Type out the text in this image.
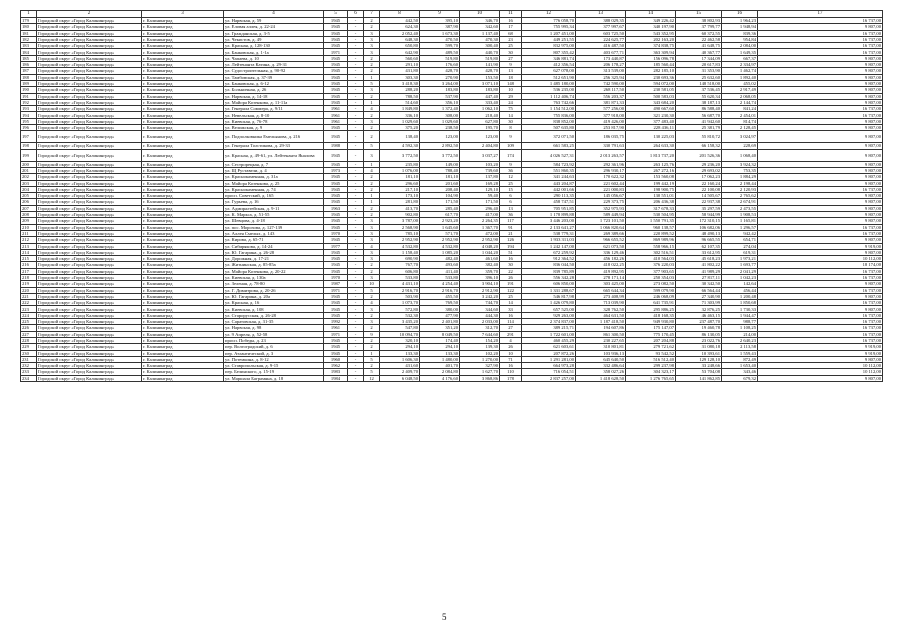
1	2	3	4	5	6	7	8	9	10	11	12	13	14	15	16	17
179	Городской округ «Город Калининград»	г. Калининград	ул. Нарвская, д. 59	1945	-	2	442,50	395,10	346,70	16	776 058,70	388 029,35	349 226,42	38 802,93	1 964,23	16 737,00
180	Городской округ «Город Калининград»	г. Калининград	ул. Еловая аллея, д. 22-24	1945	-	2	624,30	387,90	342,60	17	755 995,34	377 997,67	340 197,90	37 799,77	1 948,94	9 807,00
181	Городской округ «Город Калининград»	г. Калининград	ул. Гражданская, д. 3-5	1945	-	3	2 052,40	1 673,30	1 137,40	68	1 207 451,00	603 725,50	543 352,95	60 372,55	839,36	16 737,00
182	Городской округ «Город Калининград»	г. Калининград	ул. Чекистов, д. 49	1945	-	3	648,30	470,50	470,30	23	449 251,55	224 625,77	202 163,20	22 462,58	954,84	16 737,00
183	Городской округ «Город Калининград»	г. Калининград	ул. Красная, д. 128-130	1945	-	3	650,80	599,70	300,40	25	832 975,00	416 487,50	374 838,75	41 648,75	2 084,00	16 737,00
184	Городской округ «Город Калининград»	г. Калининград	ул. Банковская, д. 1-1а	1971	-	3	642,90	489,50	440,70	30	807 355,42	403 677,71	363 309,94	40 367,77	1 649,35	16 737,00
185	Городской округ «Город Калининград»	г. Калининград	ул. Чапаева, д. 10	1945	-	2	560,60	519,80	519,80	27	346 881,74	173 440,87	156 096,78	17 344,09	667,37	9 807,00
186	Городской округ «Город Калининград»	г. Калининград	ул. Лейтенанта Катина, д. 29-31	1945	-	2	291,10	176,60	141,90	9	412 356,54	206 178,27	185 560,44	20 617,83	2 334,97	9 807,00
187	Городской округ «Город Калининград»	г. Калининград	ул. Судостроительная, д. 90-92	1945	-	2	431,80	428,70	428,70	13	627 078,00	313 539,00	282 185,10	31 353,90	1 462,74	9 807,00
188	Городской округ «Город Калининград»	г. Калининград	ул. Тамбовская, д. 37-39	1945	-	1	303,30	270,90	153,50	18	512 651,90	256 325,94	230 693,36	25 632,60	1 892,40	9 807,00
189	Городской округ «Город Калининград»	г. Калининград	ул. Банковская, д. 6-12	1945	-	5	3 418,30	3 264,00	3 071,10	148	1 485 180,00	742 590,00	594 072,00	148 518,00	455,02	9 807,00
190	Городской округ «Город Калининград»	г. Калининград	ул. Больничная, д. 26	1945	-	3	288,20	183,80	183,80	10	536 235,00	268 117,50	230 581,05	37 536,45	2 917,49	9 807,00
191	Городской округ «Город Калининград»	г. Калининград	ул. Нарвская, д. 14-18	1945	-	2	788,50	537,90	447,40	29	1 112 406,74	556 203,37	500 583,03	55 620,34	2 068,05	9 807,00
192	Городской округ «Город Калининград»	г. Калининград	ул. Майора Козенкова, д. 11-11а	1945	-	1	514,60	356,10	333,40	24	763 742,66	381 871,33	343 684,20	38 187,13	2 144,74	9 807,00
193	Городской округ «Город Калининград»	г. Калининград	ул. Генерала Соммера, д. 9/11	1961	-	4	1 849,80	1 372,40	1 062,10	75	1 154 512,00	577 256,00	490 667,60	86 588,40	841,24	16 737,00
194	Городской округ «Город Калининград»	г. Калининград	ул. Невельская, д. 8-10	1961	-	2	336,10	308,00	218,40	14	755 836,00	377 918,00	321 230,30	56 687,70	2 454,01	16 737,00
195	Городской округ «Город Калининград»	г. Калининград	ул. Киевская, д. 76-78	1961	-	3	1 029,60	1 029,60	627,80	30	838 852,00	419 426,00	377 483,40	41 942,60	814,74	9 807,00
196	Городской округ «Город Калининград»	г. Калининград	ул. Велижская, д. 9	1945	-	2	375,20	238,50	195,70	8	507 635,80	253 817,90	228 436,11	25 381,79	2 128,45	9 807,00
197	Городской округ «Город Калининград»	г. Калининград	ул. Подполковника Емельянова, д. 216	1945	-	2	138,40	123,00	123,00	9	372 071,50	186 035,75	130 225,03	55 810,72	3 024,97	9 807,00
198	Городской округ «Город Калининград»	г. Калининград	ул. Генерала Толстикова, д. 29-33	1988	-	5	4 592,30	2 892,50	2 404,80	109	661 583,25	330 791,63	264 633,30	66 158,32	228,69	9 807,00
199	Городской округ «Город Калининград»	г. Калининград	ул. Красная, д. 49-61, ул. Лейтенанта Яналова	1945	-	3	3 772,50	3 772,50	3 037,27	174	4 026 527,31	2 013 263,57	1 813 737,20	201 526,36	1 068,40	9 807,00
200	Городской округ «Город Калининград»	г. Калининград	ул. Сестрорецкая, д. 7	1945	-	1	235,80	149,00	103,20	9	584 723,92	292 361,96	263 125,76	29 236,20	3 924,32	9 807,00
201	Городской округ «Город Калининград»	г. Калининград	ул. Щ Руставели, д. 4	1973	-	4	1 076,00	788,40	739,60	36	551 860,35	296 930,17	267 272,16	29 693,02	753,35	9 807,00
202	Городской округ «Город Калининград»	г. Калининград	ул. Краснокаменная, д. 31а	1945	-	2	181,10	181,10	137,80	12	341 244,63	170 622,32	153 560,08	17 062,23	1 884,29	9 807,00
203	Городской округ «Город Калининград»	г. Калининград	ул. Майора Козенкова, д. 25	1945	-	2	296,60	201,60	169,28	25	443 204,87	221 602,44	199 442,19	22 160,24	2 198,44	9 807,00
204	Городской округ «Город Калининград»	г. Калининград	ул. Краснокаменная, д. 74	1945	-	2	217,10	208,40	129,10	15	442 001,66	221 000,83	198 900,75	22 100,08	2 120,93	16 737,00
205	Городской округ «Город Калининград»	г. Калининград	просп. Советский, д. 165	1945	-	1	173,10	104,90	59,40	6	290 113,35	145 056,67	130 551,01	14 505,67	2 765,62	9 807,00
206	Городской округ «Город Калининград»	г. Калининград	ул. Гурьева, д. 16	1945	-	1	281,80	171,50	171,50	6	458 747,51	229 373,75	206 436,38	22 937,38	2 674,91	9 807,00
207	Городской округ «Город Калининград»	г. Калининград	ул. Адмиралтейская, д. 9-11	1963	-	2	413,70	285,40	296,40	13	705 951,85	352 975,93	317 678,33	35 297,59	2 473,55	9 807,00
208	Городской округ «Город Калининград»	г. Калининград	ул. К. Маркса, д. 51-55	1945	-	2	902,80	617,70	417,00	36	1 178 899,88	589 449,94	530 504,95	58 944,99	1 908,53	9 807,00
209	Городской округ «Город Калининград»	г. Калининград	ул. Шевцова, д. 4-18	1945	-	3	3 787,00	2 923,20	2 264,35	117	3 446 203,00	1 723 101,50	1 550 791,35	172 310,15	1 165,81	9 807,00
210	Городской округ «Город Калининград»	г. Калининград	ул. пос. Морозова, д. 127-139	1945	-	3	2 568,90	1 645,60	1 367,70	91	2 133 641,27	1 066 820,64	960 138,57	106 682,06	1 296,57	16 737,00
211	Городской округ «Город Калининград»	г. Калининград	ул. Аллея Смелых, д. 143	1970	-	3	785,10	571,70	472,00	21	538 779,31	269 389,66	220 899,52	48 490,13	942,42	16 737,00
212	Городской округ «Город Калининград»	г. Калининград	ул. Кирова, д. 65-71	1945	-	3	2 952,90	2 952,90	2 952,90	126	1 933 311,03	966 655,52	869 989,96	96 665,55	654,71	9 807,00
213	Городской округ «Город Калининград»	г. Калининград	ул. Сибирякова, д. 14-24	1977	-	4	4 532,80	4 532,80	4 048,20	194	1 242 147,00	621 073,50	558 966,15	62 107,35	274,04	9 919,00
214	Городской округ «Город Калининград»	г. Калининград	ул. Ю. Гагарина, д. 26-28	1945	-	3	1 158,40	1 085,20	1 044,20	51	672 259,92	336 129,46	302 516,51	33 612,95	619,31	9 807,00
215	Городской округ «Город Калининград»	г. Калининград	ул. Дорожная, д. 17-21	1945	-	3	690,90	482,40	461,60	16	912 364,52	456 182,26	410 564,03	45 618,23	1 973,21	10 112,00
216	Городской округ «Город Калининград»	г. Калининград	ул. Житнинская, д. 85-85а	1945	-	2	767,70	493,60	382,40	30	836 044,50	418 022,25	376 220,03	41 802,22	1 693,77	18 174,00
217	Городской округ «Город Калининград»	г. Калининград	ул. Майора Козенкова, д. 20-22	1945	-	2	606,80	411,40	359,70	22	839 785,89	419 892,95	377 903,65	41 989,29	2 041,29	16 737,00
218	Городской округ «Город Калининград»	г. Калининград	ул. Киевская, д. 130а	1970	-	3	533,80	533,80	396,10	26	556 342,28	278 171,14	250 354,03	27 817,11	1 042,23	16 737,00
219	Городской округ «Город Калининград»	г. Калининград	ул. Зеленая, д. 78-80	1987	-	10	4 431,10	4 254,40	3 904,10	191	606 850,00	303 425,00	273 082,50	30 342,50	142,64	9 807,00
220	Городской округ «Город Калининград»	г. Калининград	ул. Г. Димитрова, д. 20-26	1971	-	5	2 916,70	2 916,70	2 912,90	122	1 331 288,67	665 644,34	599 079,90	66 564,44	456,44	16 737,00
221	Городской округ «Город Калининград»	г. Калининград	ул. Ю. Гагарина, д. 20а	1945	-	2	503,90	455,50	3 242,20	25	546 817,98	273 408,99	246 068,09	27 340,90	1 200,48	9 807,00
222	Городской округ «Город Калининград»	г. Калининград	ул. Красная, д. 16	1945	-	4	1 073,70	769,50	744,70	14	1 426 079,80	713 039,90	641 735,91	71 303,99	1 850,68	16 737,00
223	Городской округ «Город Калининград»	г. Калининград	ул. Киевская, д. 108	1945	-	3	572,80	380,00	344,60	33	657 525,00	328 762,50	295 886,25	32 876,25	1 730,33	9 807,00
224	Городской округ «Город Калининград»	г. Калининград	ул. Старорусская, д. 26-28	1945	-	2	532,30	477,90	444,30	16	929 263,00	464 631,50	418 168,35	46 463,15	1 944,47	16 737,00
225	Городской округ «Город Калининград»	г. Калининград	ул. Саратовская, д. 31-35	1992	-	3	3 435,20	2 401,80	2 033,00	114	2 374 837,00	1 187 418,50	949 930,80	237 487,70	988,77	16 737,00
226	Городской округ «Город Калининград»	г. Калининград	ул. Нарвская, д. 98	1961	-	2	547,80	351,20	312,70	27	389 215,71	194 607,86	175 147,07	19 460,78	1 108,25	16 737,00
227	Городской округ «Город Калининград»	г. Калининград	ул. 9 Апреля, д. 52-58	1971	-	9	10 094,70	8 049,50	7 644,60	291	1 722 601,00	861 300,50	775 170,45	86 130,05	214,00	16 737,00
228	Городской округ «Город Калининград»	г. Калининград	просп. Победы, д. 23	1945	-	2	320,10	174,40	154,20	4	460 455,29	230 227,65	207 204,88	23 022,76	2 640,23	16 737,00
229	Городской округ «Город Калининград»	г. Калининград	пер. Волгоградский, д. 6	1945	-	2	294,10	294,10	139,30	26	621 603,61	310 801,81	279 721,62	31 080,18	2 113,58	9 919,00
230	Городской округ «Город Калининград»	г. Калининград	пер. Атлантический, д. 3	1945	-	1	133,30	133,30	102,20	10	207 872,26	103 936,13	93 542,52	10 393,61	1 559,43	9 919,00
231	Городской округ «Город Калининград»	г. Калининград	ул. Потемкина, д. 8-12	1960	-	5	1 606,30	1 480,00	1 270,00	71	1 291 281,00	645 640,50	516 512,40	129 128,10	872,49	9 807,00
232	Городской округ «Город Калининград»	г. Калининград	ул. Ставропольская, д. 9-15	1962	-	2	431,60	401,70	327,90	16	664 973,28	332 486,64	299 237,98	33 248,66	1 653,40	10 112,00
233	Городской округ «Город Калининград»	г. Калининград	пер. Белинского, д. 15-19	1983	-	5	2 409,70	2 084,80	1 627,70	110	716 054,51	358 027,26	304 323,17	53 704,08	343,46	10 112,00
234	Городской округ «Город Калининград»	г. Калининград	ул. Маршала Баграмяна, д. 18	1984	-	12	6 048,50	4 176,60	3 868,86	178	2 837 257,00	1 418 628,50	1 276 765,65	141 862,85	679,32	9 807,00
5
